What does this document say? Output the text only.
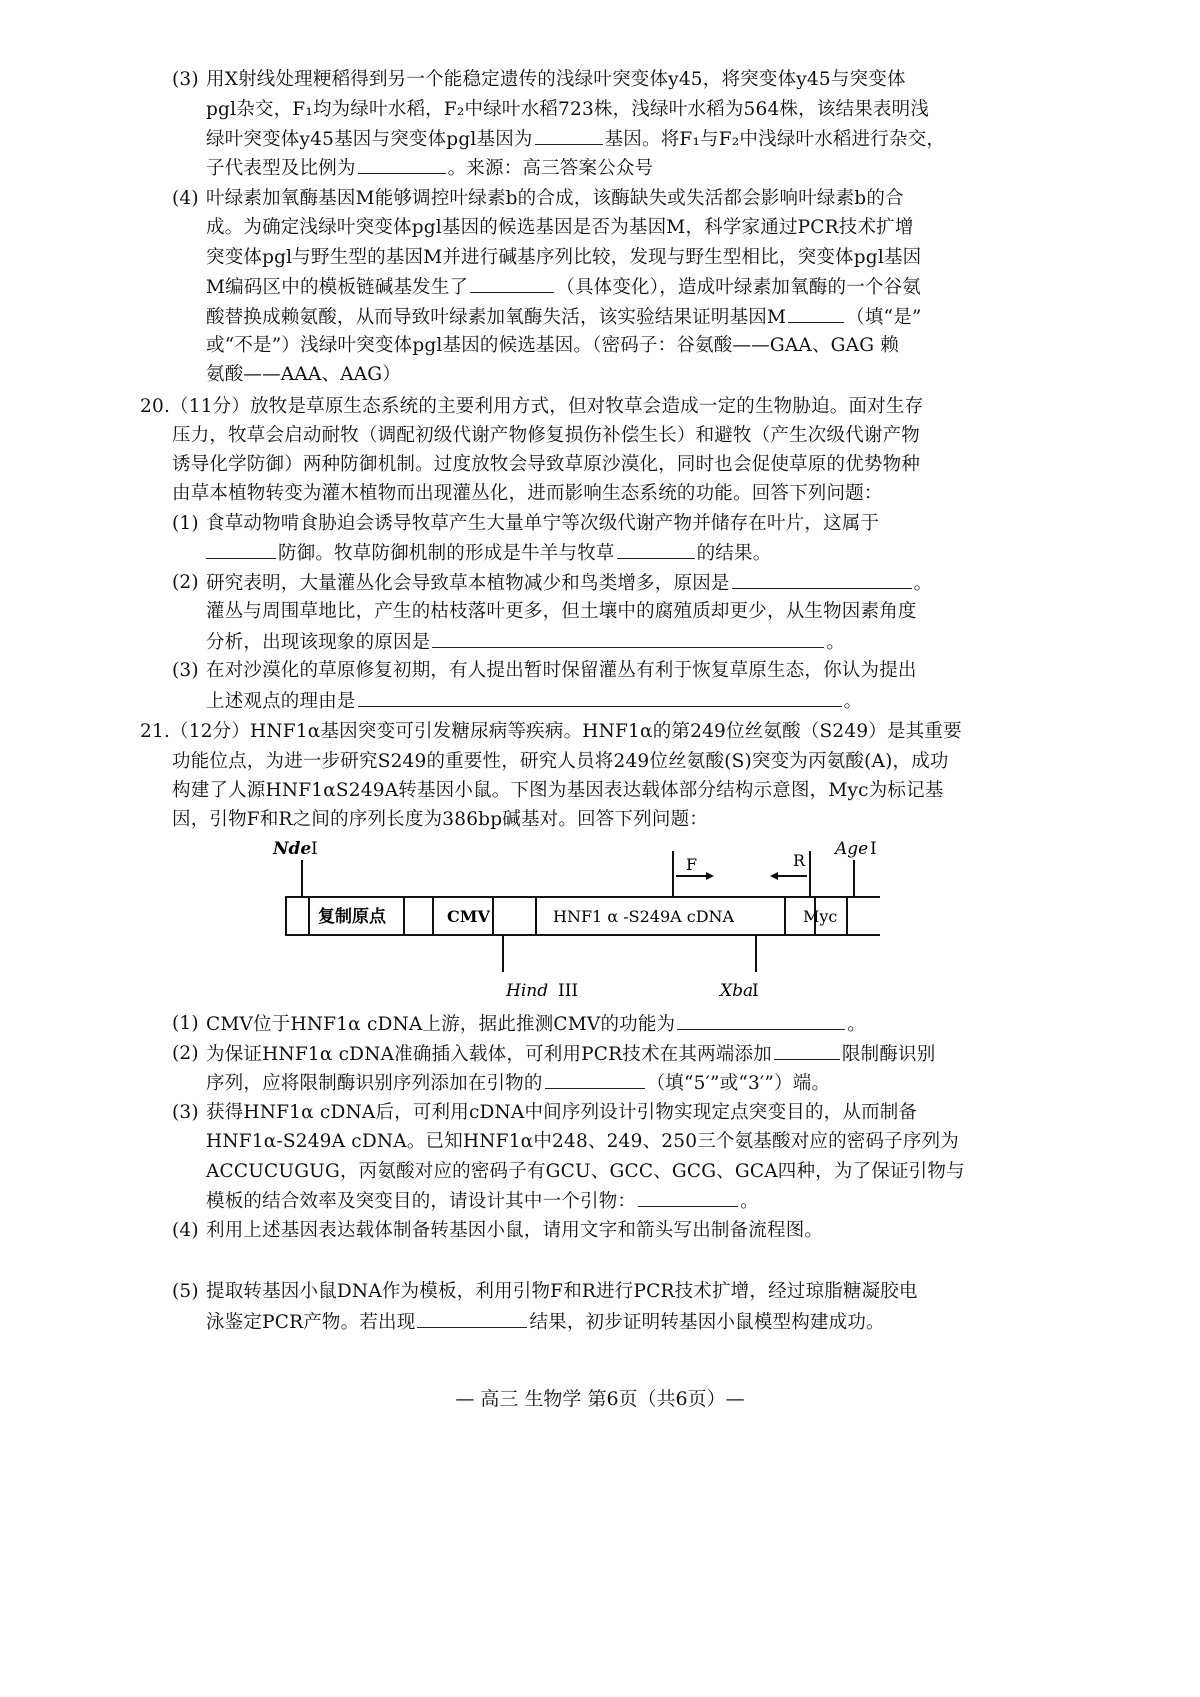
(3) 用X射线处理粳稻得到另一个能稳定遗传的浅绿叶突变体y45，将突变体y45与突变体
pgl杂交，F₁均为绿叶水稻，F₂中绿叶水稻723株，浅绿叶水稻为564株，该结果表明浅
绿叶突变体y45基因与突变体pgl基因为	基因。将F₁与F₂中浅绿叶水稻进行杂交，
子代表型及比例为	。来源：高三答案公众号
(4) 叶绿素加氧酶基因M能够调控叶绿素b的合成，该酶缺失或失活都会影响叶绿素b的合
成。为确定浅绿叶突变体pgl基因的候选基因是否为基因M，科学家通过PCR技术扩增
突变体pgl与野生型的基因M并进行碱基序列比较，发现与野生型相比，突变体pgl基因
M编码区中的模板链碱基发生了	（具体变化），造成叶绿素加氧酶的一个谷氨
酸替换成赖氨酸，从而导致叶绿素加氧酶失活，该实验结果证明基因M	（填“是”
或“不是”）浅绿叶突变体pgl基因的候选基因。（密码子：谷氨酸——GAA、GAG 赖
氨酸——AAA、AAG）
20.（11分）放牧是草原生态系统的主要利用方式，但对牧草会造成一定的生物胁迫。面对生存
压力，牧草会启动耐牧（调配初级代谢产物修复损伤补偿生长）和避牧（产生次级代谢产物
诱导化学防御）两种防御机制。过度放牧会导致草原沙漠化，同时也会促使草原的优势物种
由草本植物转变为灌木植物而出现灌丛化，进而影响生态系统的功能。回答下列问题：
(1) 食草动物啃食胁迫会诱导牧草产生大量单宁等次级代谢产物并储存在叶片，这属于
防御。牧草防御机制的形成是牛羊与牧草	的结果。
(2) 研究表明，大量灌丛化会导致草本植物减少和鸟类增多，原因是	。
灌丛与周围草地比，产生的枯枝落叶更多，但土壤中的腐殖质却更少，从生物因素角度
分析，出现该现象的原因是	。
(3) 在对沙漠化的草原修复初期，有人提出暂时保留灌丛有利于恢复草原生态，你认为提出
上述观点的理由是	。
21.（12分）HNF1α基因突变可引发糖尿病等疾病。HNF1α的第249位丝氨酸（S249）是其重要
功能位点，为进一步研究S249的重要性，研究人员将249位丝氨酸(S)突变为丙氨酸(A)，成功
构建了人源HNF1αS249A转基因小鼠。下图为基因表达载体部分结构示意图，Myc为标记基
因，引物F和R之间的序列长度为386bp碱基对。回答下列问题：
Nde I	Age I
F	R
复制原点	CMV	HNF1 α -S249A cDNA	Myc
Hind III	Xba
I
(1) CMV位于HNF1α cDNA上游，据此推测CMV的功能为	。
(2) 为保证HNF1α cDNA准确插入载体，可利用PCR技术在其两端添加	限制酶识别
序列，应将限制酶识别序列添加在引物的	（填“5′”或“3′”）端。
(3) 获得HNF1α cDNA后，可利用cDNA中间序列设计引物实现定点突变目的，从而制备
HNF1α-S249A cDNA。已知HNF1α中248、249、250三个氨基酸对应的密码子序列为
ACCUCUGUG，丙氨酸对应的密码子有GCU、GCC、GCG、GCA四种，为了保证引物与
模板的结合效率及突变目的，请设计其中一个引物：	。
(4) 利用上述基因表达载体制备转基因小鼠，请用文字和箭头写出制备流程图。
(5) 提取转基因小鼠DNA作为模板，利用引物F和R进行PCR技术扩增，经过琼脂糖凝胶电
泳鉴定PCR产物。若出现	结果，初步证明转基因小鼠模型构建成功。
— 高三 生物学 第6页（共6页）—
